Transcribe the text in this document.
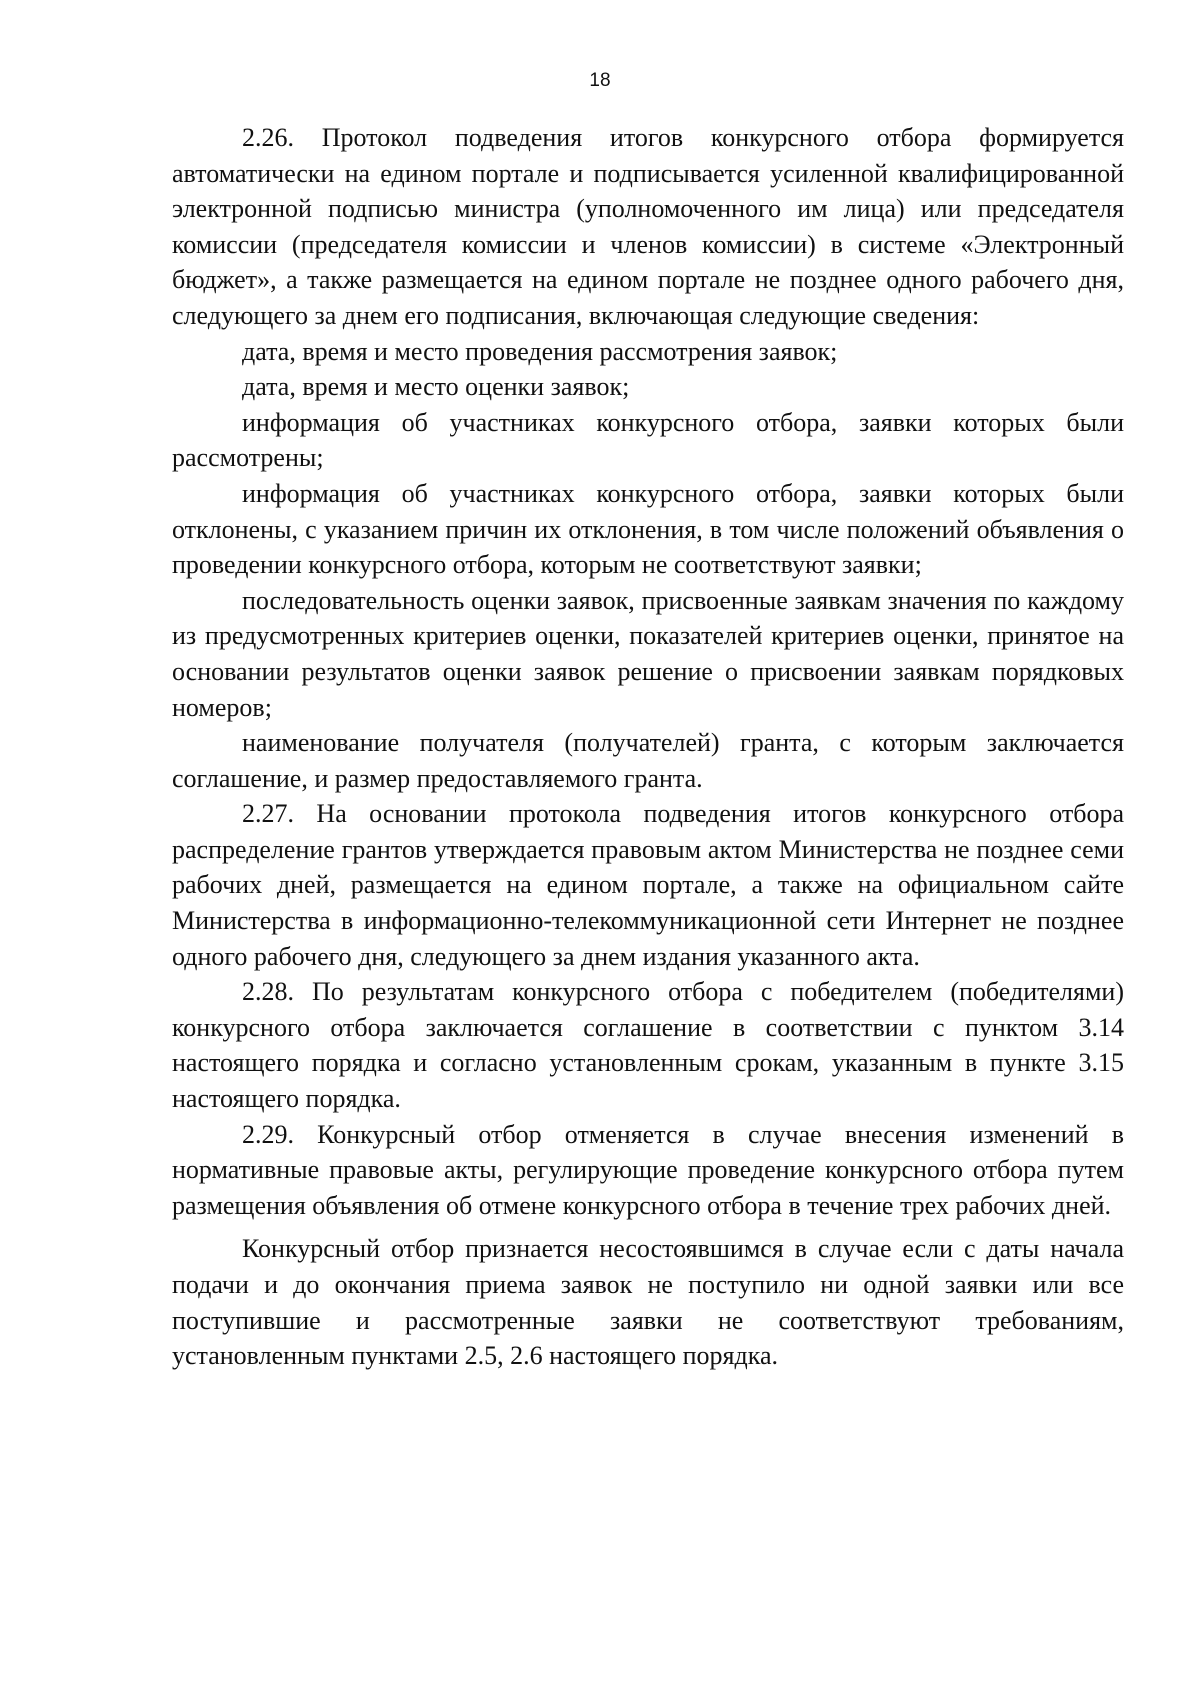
18

2.26. Протокол подведения итогов конкурсного отбора формируется автоматически на едином портале и подписывается усиленной квалифицированной электронной подписью министра (уполномоченного им лица) или председателя комиссии (председателя комиссии и членов комиссии) в системе «Электронный бюджет», а также размещается на едином портале не позднее одного рабочего дня, следующего за днем его подписания, включающая следующие сведения:

дата, время и место проведения рассмотрения заявок;

дата, время и место оценки заявок;

информация об участниках конкурсного отбора, заявки которых были рассмотрены;

информация об участниках конкурсного отбора, заявки которых были отклонены, с указанием причин их отклонения, в том числе положений объявления о проведении конкурсного отбора, которым не соответствуют заявки;

последовательность оценки заявок, присвоенные заявкам значения по каждому из предусмотренных критериев оценки, показателей критериев оценки, принятое на основании результатов оценки заявок решение о присвоении заявкам порядковых номеров;

наименование получателя (получателей) гранта, с которым заключается соглашение, и размер предоставляемого гранта.

2.27. На основании протокола подведения итогов конкурсного отбора распределение грантов утверждается правовым актом Министерства не позднее семи рабочих дней, размещается на едином портале, а также на официальном сайте Министерства в информационно-телекоммуникационной сети Интернет не позднее одного рабочего дня, следующего за днем издания указанного акта.

2.28. По результатам конкурсного отбора с победителем (победителями) конкурсного отбора заключается соглашение в соответствии с пунктом 3.14 настоящего порядка и согласно установленным срокам, указанным в пункте 3.15 настоящего порядка.

2.29. Конкурсный отбор отменяется в случае внесения изменений в нормативные правовые акты, регулирующие проведение конкурсного отбора путем размещения объявления об отмене конкурсного отбора в течение трех рабочих дней.

Конкурсный отбор признается несостоявшимся в случае если с даты начала подачи и до окончания приема заявок не поступило ни одной заявки или все поступившие и рассмотренные заявки не соответствуют требованиям, установленным пунктами 2.5, 2.6 настоящего порядка.
